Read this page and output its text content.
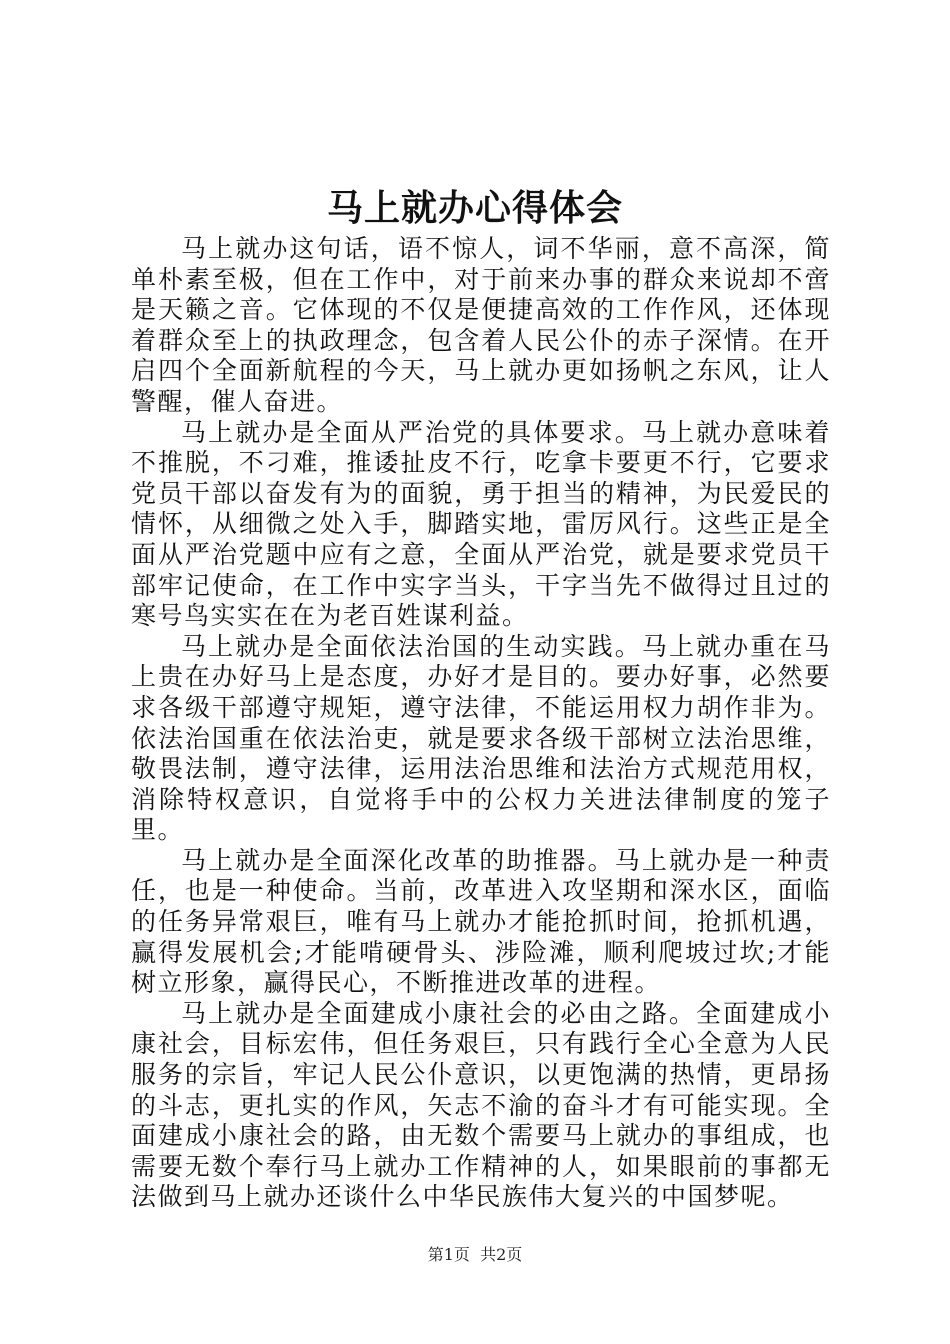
马上就办心得体会

马上就办这句话，语不惊人，词不华丽，意不高深，简单朴素至极，但在工作中，对于前来办事的群众来说却不啻是天籁之音。它体现的不仅是便捷高效的工作作风，还体现着群众至上的执政理念，包含着人民公仆的赤子深情。在开启四个全面新航程的今天，马上就办更如扬帆之东风，让人警醒，催人奋进。

马上就办是全面从严治党的具体要求。马上就办意味着不推脱，不刁难，推诿扯皮不行，吃拿卡要更不行，它要求党员干部以奋发有为的面貌，勇于担当的精神，为民爱民的情怀，从细微之处入手，脚踏实地，雷厉风行。这些正是全面从严治党题中应有之意，全面从严治党，就是要求党员干部牢记使命，在工作中实字当头，干字当先不做得过且过的寒号鸟实实在在为老百姓谋利益。

马上就办是全面依法治国的生动实践。马上就办重在马上贵在办好马上是态度，办好才是目的。要办好事，必然要求各级干部遵守规矩，遵守法律，不能运用权力胡作非为。依法治国重在依法治吏，就是要求各级干部树立法治思维，敬畏法制，遵守法律，运用法治思维和法治方式规范用权，消除特权意识，自觉将手中的公权力关进法律制度的笼子里。

马上就办是全面深化改革的助推器。马上就办是一种责任，也是一种使命。当前，改革进入攻坚期和深水区，面临的任务异常艰巨，唯有马上就办才能抢抓时间，抢抓机遇，赢得发展机会;才能啃硬骨头、涉险滩，顺利爬坡过坎;才能树立形象，赢得民心，不断推进改革的进程。

马上就办是全面建成小康社会的必由之路。全面建成小康社会，目标宏伟，但任务艰巨，只有践行全心全意为人民服务的宗旨，牢记人民公仆意识，以更饱满的热情，更昂扬的斗志，更扎实的作风，矢志不渝的奋斗才有可能实现。全面建成小康社会的路，由无数个需要马上就办的事组成，也需要无数个奉行马上就办工作精神的人，如果眼前的事都无法做到马上就办还谈什么中华民族伟大复兴的中国梦呢。

第1页  共2页
